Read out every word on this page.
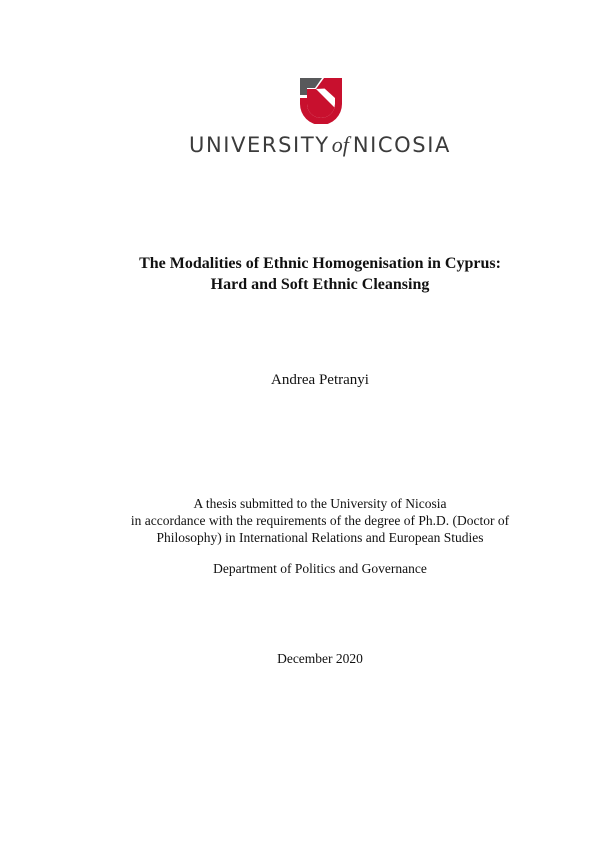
UNIVERSITYof NICOSIA
The Modalities of Ethnic Homogenisation in Cyprus:
Hard and Soft Ethnic Cleansing
Andrea Petranyi
A thesis submitted to the University of Nicosia
in accordance with the requirements of the degree of Ph.D. (Doctor of
Philosophy) in International Relations and European Studies
Department of Politics and Governance
December 2020
